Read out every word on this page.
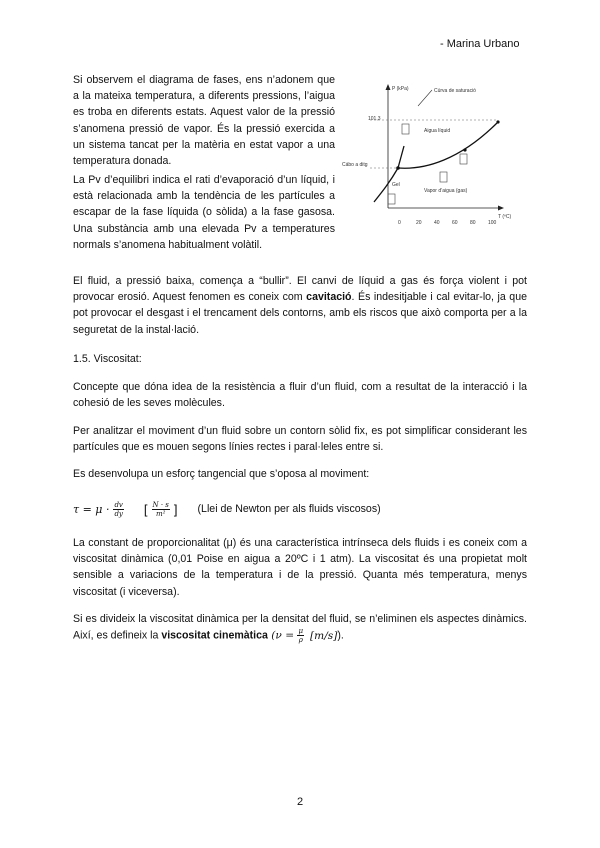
- Marina Urbano

Si observem el diagrama de fases, ens n’adonem que a la mateixa temperatura, a diferents pressions, l’aigua es troba en diferents estats. Aquest valor de la pressió s’anomena pressió de vapor. És la pressió exercida a un sistema tancat per la matèria en estat vapor a una temperatura donada.

La Pv d’equilibri indica el rati d’evaporació d’un líquid, i està relacionada amb la tendència de les partícules a escapar de la fase líquida (o sòlida) a la fase gasosa. Una substància amb una elevada Pv a temperatures normals s’anomena habitualment volàtil.

P (kPa)
T (ºC)
Cúrva de saturació
Aigua líquid
Vapor d’aigua (gas)
Gel
101,3
Cábo a ditg
0	20 40 60 80 100

El fluid, a pressió baixa, comença a “bullir”. El canvi de líquid a gas és força violent i pot provocar erosió. Aquest fenomen es coneix com cavitació. És indesitjable i cal evitar-lo, ja que pot provocar el desgast i el trencament dels contorns, amb els riscos que això comporta per a la seguretat de la instal·lació.

1.5. Viscositat:

Concepte que dóna idea de la resistència a fluir d’un fluid, com a resultat de la interacció i la cohesió de les seves molècules.

Per analitzar el moviment d’un fluid sobre un contorn sòlid fix, es pot simplificar considerant les partícules que es mouen segons línies rectes i paral·leles entre si.

Es desenvolupa un esforç tangencial que s’oposa al moviment:

$\tau = \mu \cdot \frac{dv}{dy}$ [ $\frac{N \cdot s}{\text{m²}}$ ] (Llei de Newton per als fluids viscosos)

La constant de proporcionalitat (μ) és una característica intrínseca dels fluids i es coneix com a viscositat dinàmica (0,01 Poise en aigua a 20ºC i 1 atm). La viscositat és una propietat molt sensible a variacions de la temperatura i de la pressió. Quanta més temperatura, menys viscositat (i viceversa).

Si es divideix la viscositat dinàmica per la densitat del fluid, se n’eliminen els aspectes dinàmics. Així, es defineix la viscositat cinemàtica $(\nu = \frac{\mu}{\rho} [m/s])$.

2
